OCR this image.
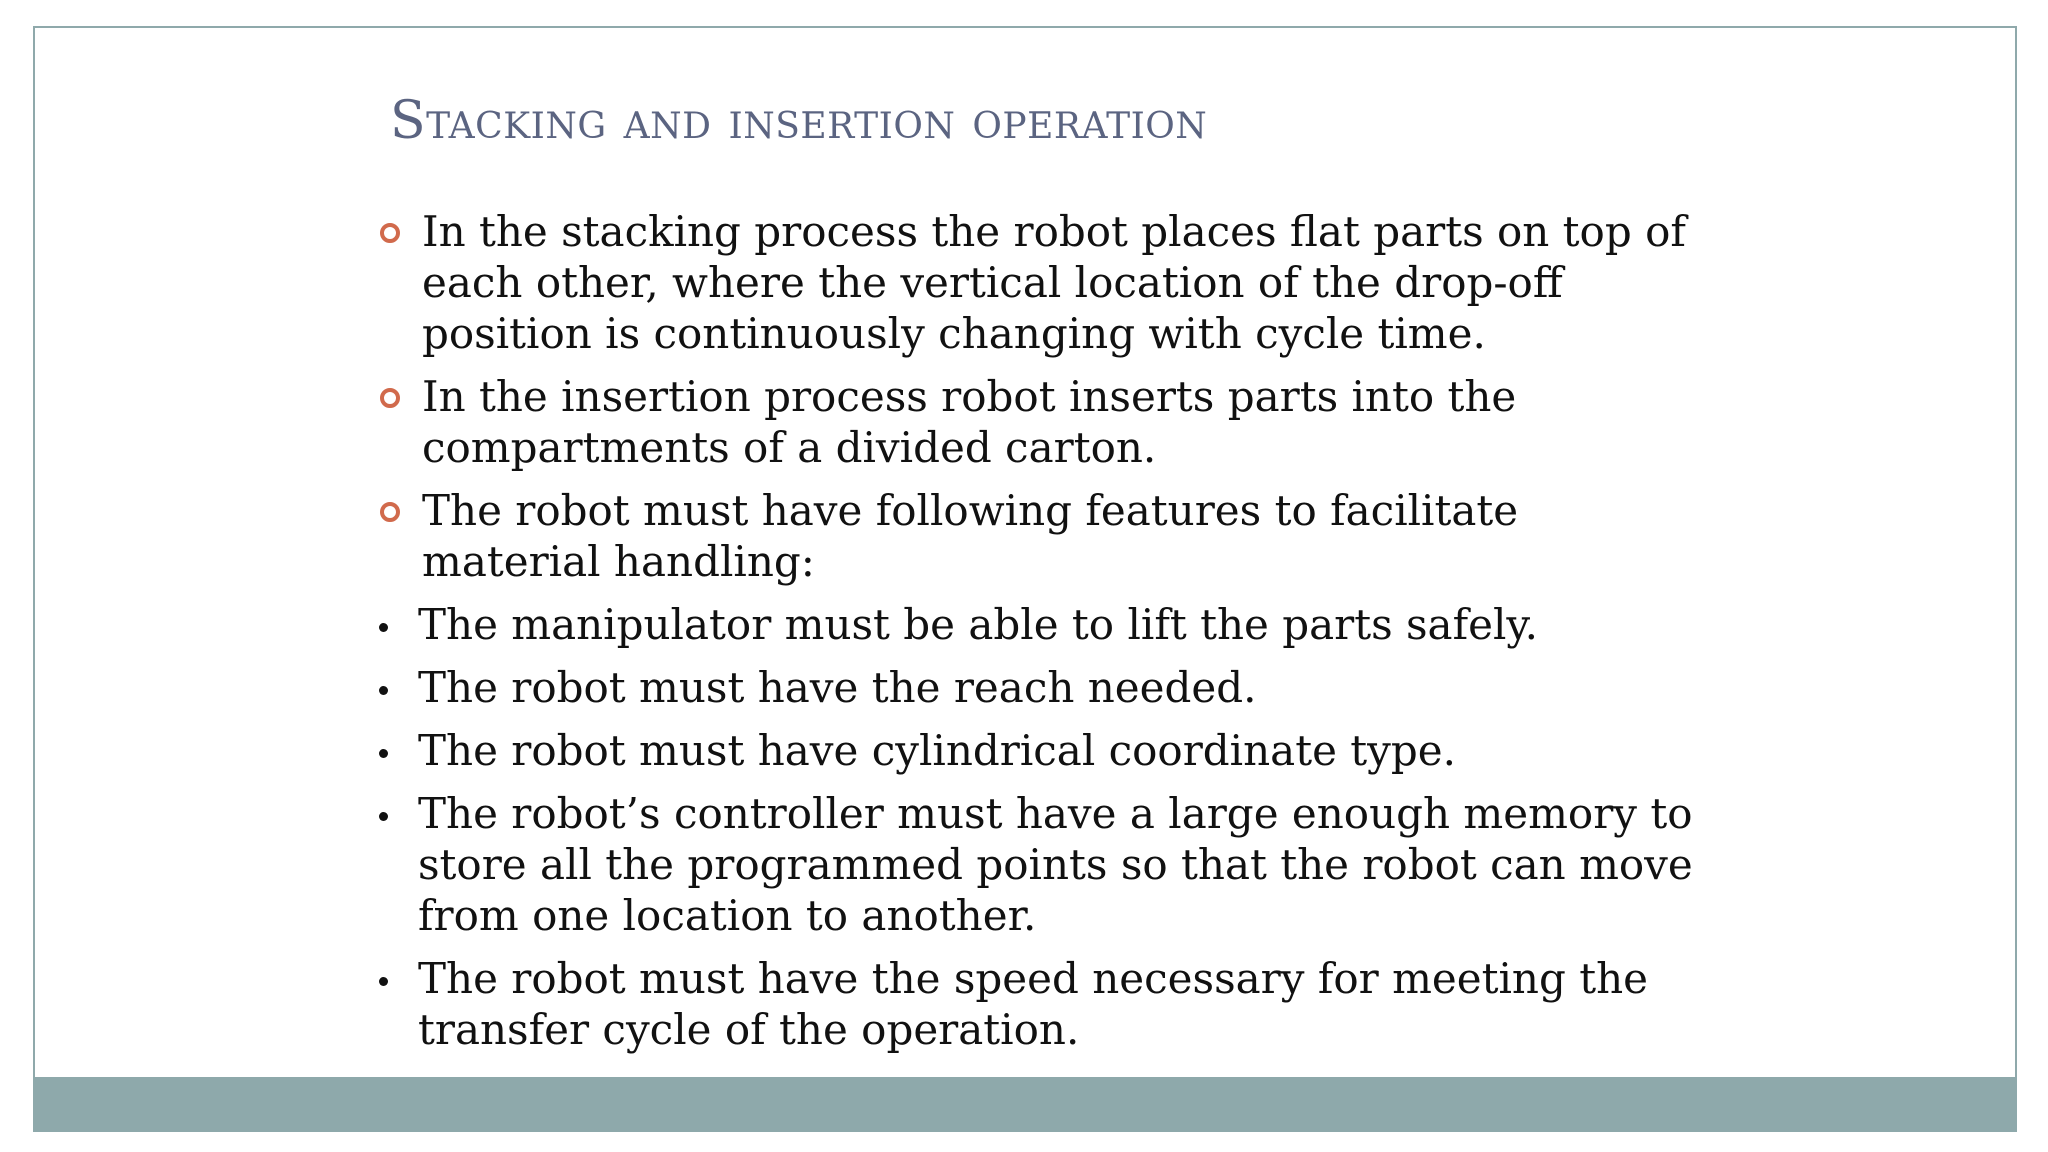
Stacking and insertion operation
In the stacking process the robot places flat parts on top of each other, where the vertical location of the drop-off position is continuously changing with cycle time.
In the insertion process robot inserts parts into the compartments of a divided carton.
The robot must have following features to facilitate material handling:
The manipulator must be able to lift the parts safely.
The robot must have the reach needed.
The robot must have cylindrical coordinate type.
The robot’s controller must have a large enough memory to store all the programmed points so that the robot can move from one location to another.
The robot must have the speed necessary for meeting the transfer cycle of the operation.
